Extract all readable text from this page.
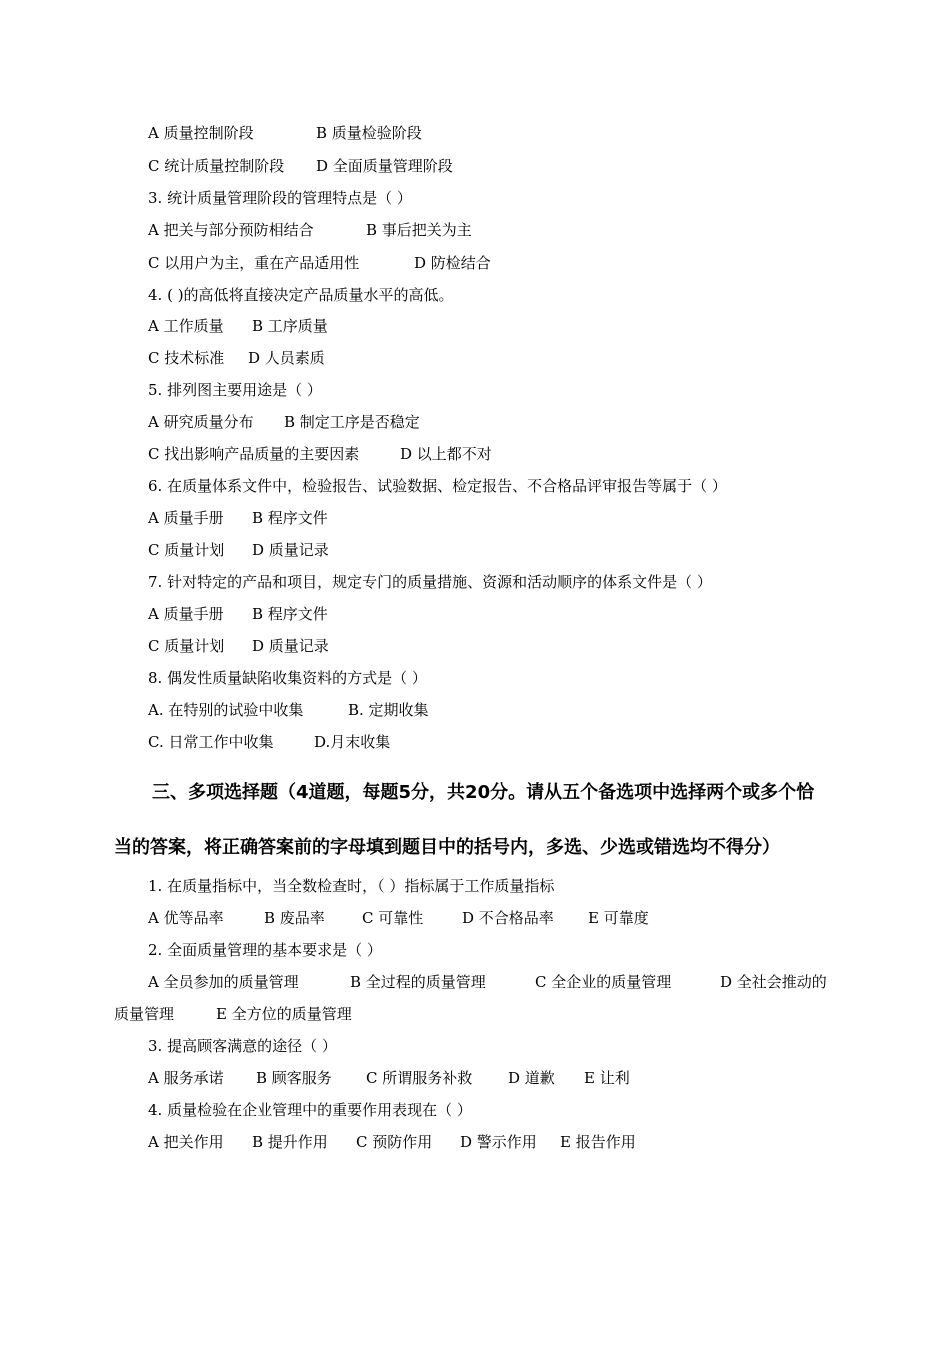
A 质量控制阶段	B 质量检验阶段
C 统计质量控制阶段 D 全面质量管理阶段
3. 统计质量管理阶段的管理特点是（ ）
A 把关与部分预防相结合	B 事后把关为主
C 以用户为主，重在产品适用性	D 防检结合
4. ( )的高低将直接决定产品质量水平的高低。
A 工作质量 B 工序质量
C 技术标准 D 人员素质
5. 排列图主要用途是（ ）
A 研究质量分布 B 制定工序是否稳定
C 找出影响产品质量的主要因素	D 以上都不对
6. 在质量体系文件中，检验报告、试验数据、检定报告、不合格品评审报告等属于（ ）
A 质量手册 B 程序文件
C 质量计划 D 质量记录
7. 针对特定的产品和项目，规定专门的质量措施、资源和活动顺序的体系文件是（ ）
A 质量手册 B 程序文件
C 质量计划 D 质量记录
8. 偶发性质量缺陷收集资料的方式是（ ）
A. 在特别的试验中收集	B. 定期收集
C. 日常工作中收集	D.月末收集
三、多项选择题（4道题，每题5分，共20分。请从五个备选项中选择两个或多个恰
当的答案，将正确答案前的字母填到题目中的括号内，多选、少选或错选均不得分）
1. 在质量指标中，当全数检查时，（ ）指标属于工作质量指标
A 优等品率	B 废品率 C 可靠性	D 不合格品率 E 可靠度
2. 全面质量管理的基本要求是（ ）
A 全员参加的质量管理	B 全过程的质量管理	C 全企业的质量管理	D 全社会推动的
质量管理	E 全方位的质量管理
3. 提高顾客满意的途径（ ）
A 服务承诺 B 顾客服务 C 所谓服务补救 D 道歉 E 让利
4. 质量检验在企业管理中的重要作用表现在（ ）
A 把关作用 B 提升作用 C 预防作用 D 警示作用 E 报告作用
